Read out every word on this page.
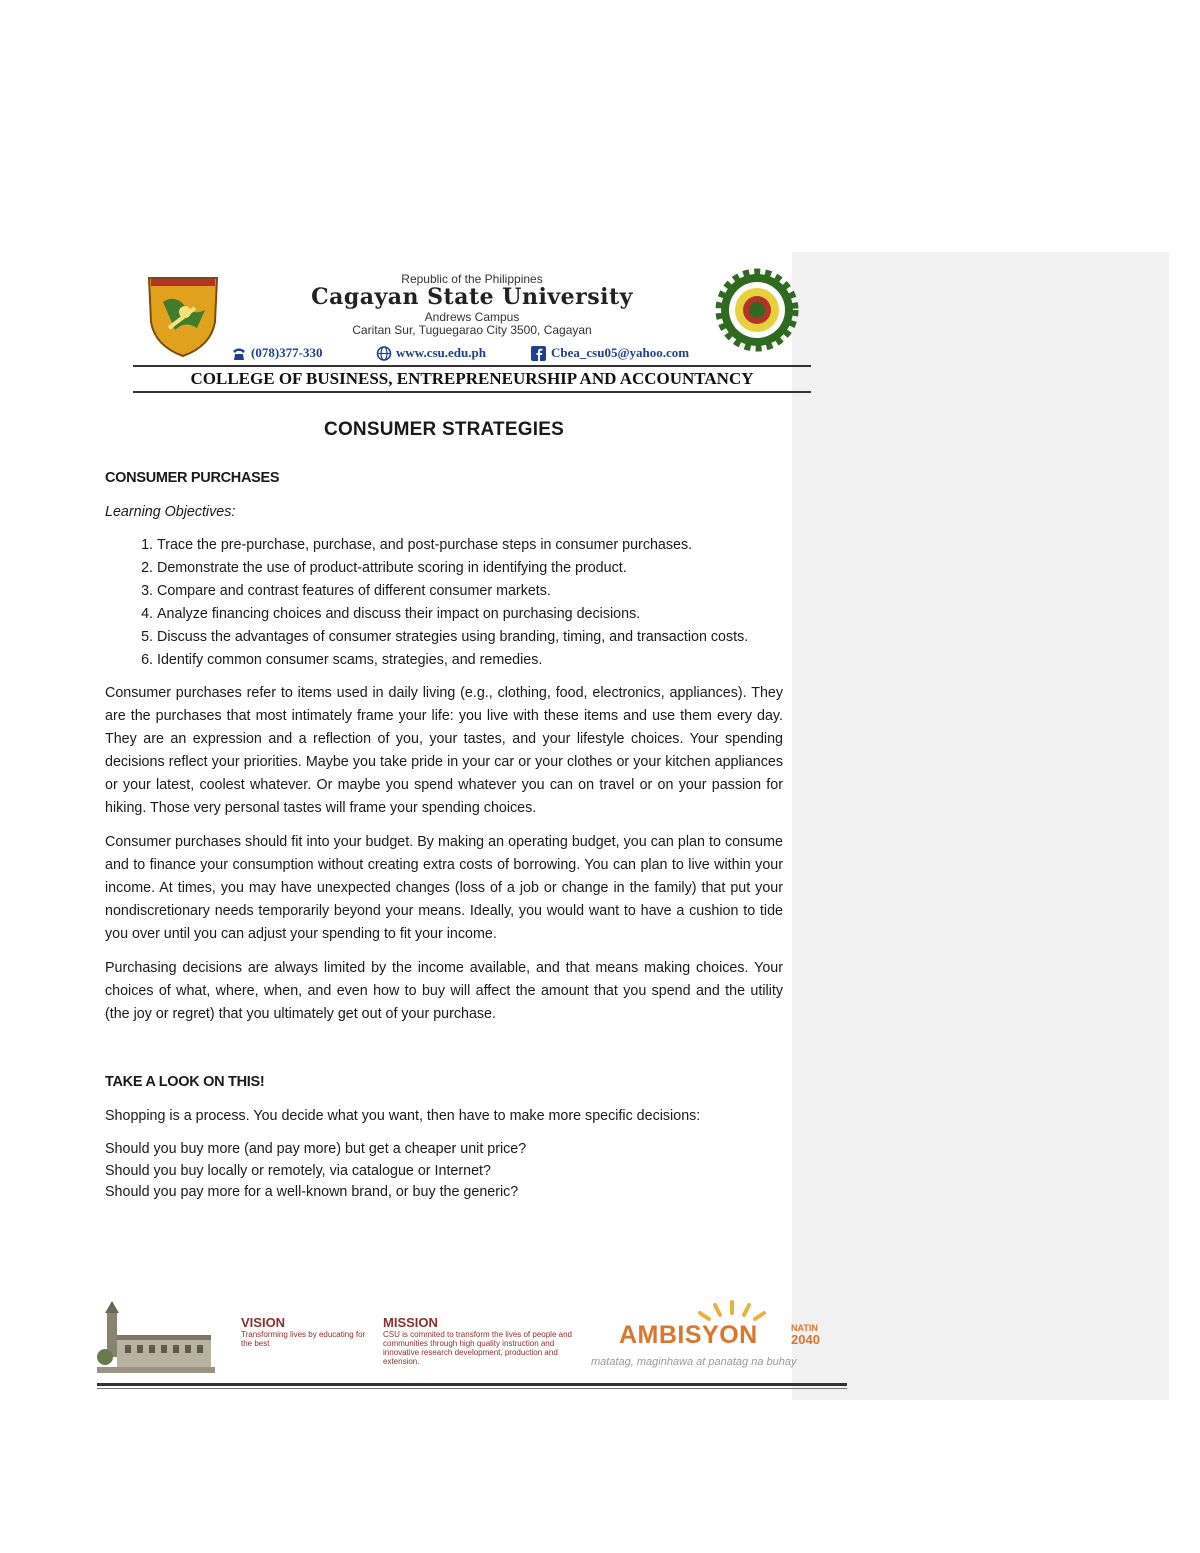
Republic of the Philippines
Cagayan State University
Andrews Campus
Caritan Sur, Tuguegarao City 3500, Cagayan
(078)377-330	www.csu.edu.ph	Cbea_csu05@yahoo.com
COLLEGE OF BUSINESS, ENTREPRENEURSHIP AND ACCOUNTANCY
CONSUMER STRATEGIES
CONSUMER PURCHASES
Learning Objectives:
1. Trace the pre-purchase, purchase, and post-purchase steps in consumer purchases.
2. Demonstrate the use of product-attribute scoring in identifying the product.
3. Compare and contrast features of different consumer markets.
4. Analyze financing choices and discuss their impact on purchasing decisions.
5. Discuss the advantages of consumer strategies using branding, timing, and transaction costs.
6. Identify common consumer scams, strategies, and remedies.

Consumer purchases refer to items used in daily living (e.g., clothing, food, electronics, appliances). They are the purchases that most intimately frame your life: you live with these items and use them every day. They are an expression and a reflection of you, your tastes, and your lifestyle choices. Your spending decisions reflect your priorities. Maybe you take pride in your car or your clothes or your kitchen appliances or your latest, coolest whatever. Or maybe you spend whatever you can on travel or on your passion for hiking. Those very personal tastes will frame your spending choices.

Consumer purchases should fit into your budget. By making an operating budget, you can plan to consume and to finance your consumption without creating extra costs of borrowing. You can plan to live within your income. At times, you may have unexpected changes (loss of a job or change in the family) that put your nondiscretionary needs temporarily beyond your means. Ideally, you would want to have a cushion to tide you over until you can adjust your spending to fit your income.

Purchasing decisions are always limited by the income available, and that means making choices. Your choices of what, where, when, and even how to buy will affect the amount that you spend and the utility (the joy or regret) that you ultimately get out of your purchase.

TAKE A LOOK ON THIS!

Shopping is a process. You decide what you want, then have to make more specific decisions:

Should you buy more (and pay more) but get a cheaper unit price?
Should you buy locally or remotely, via catalogue or Internet?
Should you pay more for a well-known brand, or buy the generic?
VISION
Transforming lives by educating for the best
MISSION
CSU is commited to transform the lives of people and communities through high quality instruction and innovative research development, production and extension.
AMBISYON	NATIN
2040
matatag, maginhawa at panatag na buhay
